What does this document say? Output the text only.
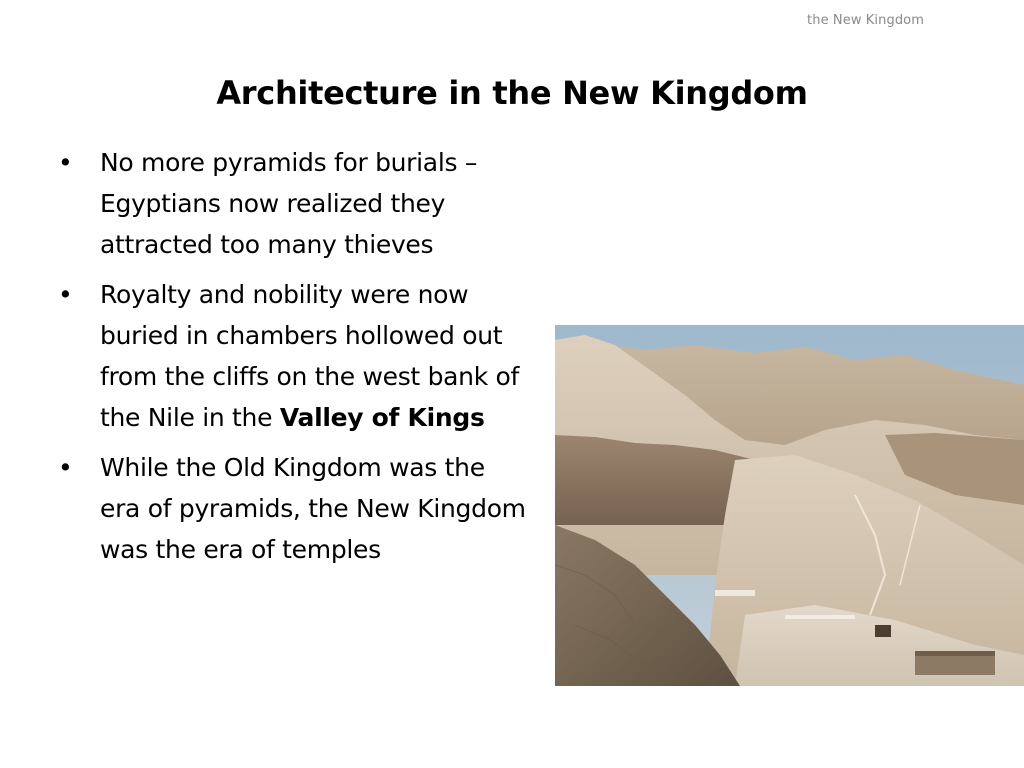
the New Kingdom
Architecture in the New Kingdom
• No more pyramids for burials – Egyptians now realized they attracted too many thieves
• Royalty and nobility were now buried in chambers hollowed out from the cliffs on the west bank of the Nile in the Valley of Kings
• While the Old Kingdom was the era of pyramids, the New Kingdom was the era of temples
